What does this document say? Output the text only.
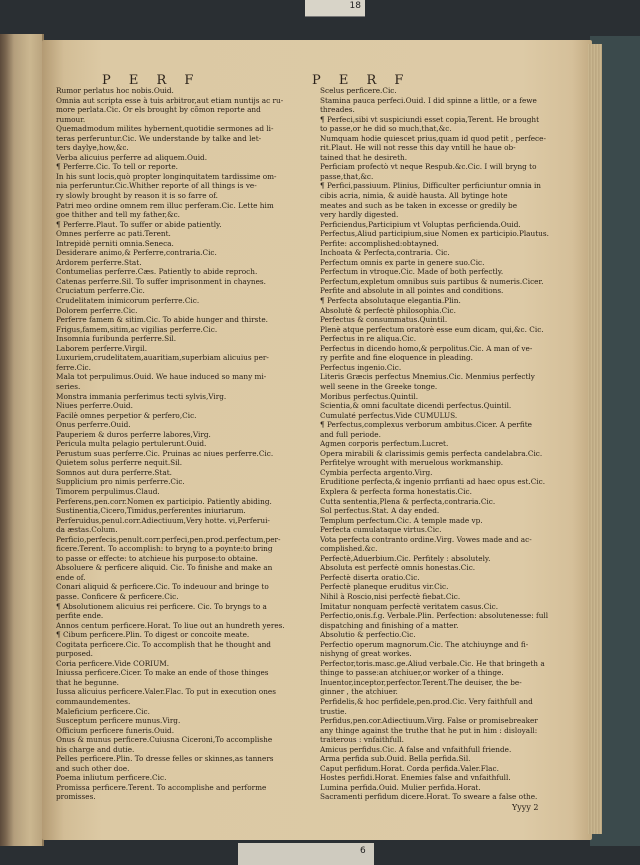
18
P E R F	P E R F
Rumor perlatus hoc nobis.Ouid.
Omnia aut scripta esse à tuis arbitror,aut etiam nuntijs ac ru-
more perlata.Cic. Or els brought by cõmon reporte and
rumour.
Quemadmodum milites hybernent,quotidie sermones ad li-
teras perferuntur.Cic. We understande by talke and let-
ters daylye,how,&c.
Verba alicuius perferre ad aliquem.Ouid.
¶ Perferre.Cic. To tell or reporte.
In his sunt locis,quò propter longinquitatem tardissime om-
nia perferuntur.Cic.Whither reporte of all things is ve-
ry slowly brought by reason it is so farre of.
Patri meo ordine omnem rem illuc perferam.Cic. Lette him
goe thither and tell my father,&c.
¶ Perferre.Plaut. To suffer or abide patiently.
Omnes perferre ac pati.Terent.
Intrepidè perniti omnia.Seneca.
Desiderare animo,& Perferre,contraria.Cic.
Ardorem perferre.Stat.
Contumelias perferre.Cæs. Patiently to abide reproch.
Catenas perferre.Sil. To suffer imprisonment in chaynes.
Cruciatum perferre.Cic.
Crudelitatem inimicorum perferre.Cic.
Dolorem perferre.Cic.
Perferre famem & sitim.Cic. To abide hunger and thirste.
Frigus,famem,sitim,ac vigilias perferre.Cic.
Insomnia furibunda perferre.Sil.
Laborem perferre.Virgil.
Luxuriem,crudelitatem,auaritiam,superbiam alicuius per-
ferre.Cic.
Mala tot perpulimus.Ouid. We haue induced so many mi-
series.
Monstra immania perferimus tecti sylvis,Virg.
Niues perferre.Ouid.
Facilè omnes perpetior & perfero,Cic.
Onus perferre.Ouid.
Pauperiem & duros perferre labores,Virg.
Pericula multa pelagio pertulerunt.Ouid.
Perustum suas perferre.Cic. Pruinas ac niues perferre.Cic.
Quietem solus perferre nequit.Sil.
Somnos aut dura perferre.Stat.
Supplicium pro nimis perferre.Cic.
Timorem perpulimus.Claud.
Perferens,pen.corr.Nomen ex participio. Patiently abiding.
Sustinentia,Cicero,Timidus,perferentes iniuriarum.
Perferuidus,penul.corr.Adiectiuum,Very hotte. vi,Perferui-
da æstas.Colum.
Perficio,perfecis,penult.corr.perfeci,pen.prod.perfectum,per-
ficere.Terent. To accomplish: to bryng to a poynte:to bring
to passe or effecte: to atchieue his purpose:to obtaine.
Absoluere & perficere aliquid. Cic. To finishe and make an
ende of.
Conari aliquid & perficere.Cic. To indeuour and bringe to
passe. Conficere & perficere.Cic.
¶ Absolutionem alicuius rei perficere. Cic. To bryngs to a
perfite ende.
Annos centum perficere.Horat. To liue out an hundreth yeres.
¶ Cibum perficere.Plin. To digest or concoite meate.
Cogitata perficere.Cic. To accomplish that he thought and
purposed.
Coria perficere.Vide CORIUM.
Iniussa perficere.Cicer. To make an ende of those thinges
that he begunne.
Iussa alicuius perficere.Valer.Flac. To put in execution ones
commaundementes.
Maleficium perficere.Cic.
Susceptum perficere munus.Virg.
Officium perficere funeris.Ouid.
Onus & munus perficere.Cuiusna Ciceroni,To accomplishe
his charge and dutie.
Pelles perficere.Plin. To dresse felles or skinnes,as tanners
and such other doe.
Poema inliutum perficere.Cic.
Promissa perficere.Terent. To accomplishe and performe
promisses.
Scelus perficere.Cic.
Stamina pauca perfeci.Ouid. I did spinne a little, or a fewe
threades.
¶ Perfeci,sibi vt suspiciundi esset copia,Terent. He brought
to passe,or he did so much,that,&c.
Numquam hodie quiescet prius,quam id quod petit , perfece-
rit.Plaut. He will not resse this day vntill he haue ob-
tained that he desireth.
Perficiam profectò vt neque Respub.&c.Cic. I will bryng to
passe,that,&c.
¶ Perfici,passiuum. Plinius, Difficulter perficiuntur omnia in
cibis acria, nimia, & auidè hausta. All bytinge hote
meates and such as be taken in excesse or gredily be
very hardly digested.
Perficiendus,Participium vt Voluptas perficienda.Ouid.
Perfectus,Aliud participium,siue Nomen ex participio.Plautus.
Perfite: accomplished:obtayned.
Inchoata & Perfecta,contraria. Cic.
Perfectum omnis ex parte in genere suo.Cic.
Perfectum in vtroque.Cic. Made of both perfectly.
Perfectum,expletum omnibus suis partibus & numeris.Cicer.
Perfite and absolute in all pointes and conditions.
¶ Perfecta absolutaque elegantia.Plin.
Absolutè & perfectè philosophia.Cic.
Perfectus & consummatus.Quintil.
Plenè atque perfectum oratorè esse eum dicam, qui,&c. Cic.
Perfectus in re aliqua.Cic.
Perfectus in dicendo homo,& perpolitus.Cic. A man of ve-
ry perfite and fine eloquence in pleading.
Perfectus ingenio.Cic.
Literis Græcis perfectus Mnemius.Cic. Menmius perfectly
well seene in the Greeke tonge.
Moribus perfectus.Quintil.
Scientia,& omni facultate dicendi perfectus.Quintil.
Cumulaté perfectus.Vide CUMULUS.
¶ Perfectus,complexus verborum ambitus.Cicer. A perfite
and full periode.
Agmen corporis perfectum.Lucret.
Opera mirabili & clarissimis gemis perfecta candelabra.Cic.
Perfitelye wrought with meruelous workmanship.
Cymbia perfecta argento.Virg.
Eruditione perfecta,& ingenio prrfianti ad haec opus est.Cic.
Explera & perfecta forma honestatis.Cic.
Cutta sententia,Plena & perfecta,contraria.Cic.
Sol perfectus.Stat. A day ended.
Templum perfectum.Cic. A temple made vp.
Perfecta cumulataque virtus.Cic.
Vota perfecta contranto ordine.Virg. Vowes made and ac-
complished.&c.
Perfectè,Aduerbium.Cic. Perfitely : absolutely.
Absoluta est perfectè omnis honestas.Cic.
Perfectè diserta oratio.Cic.
Perfectè planeque eruditus vir.Cic.
Nihil à Roscio,nisi perfectè fiebat.Cic.
Imitatur nonquam perfectè veritatem casus.Cic.
Perfectio,onis.f.g. Verbale.Plin. Perfection: absolutenesse: full
dispatching and finishing of a matter.
Absolutio & perfectio.Cic.
Perfectio operum magnorum.Cic. The atchiuynge and fi-
nishyng of great workes.
Perfector,toris.masc.ge.Aliud verbale.Cic. He that bringeth a
thinge to passe:an atchiuer,or worker of a thinge.
Inuentor,inceptor,perfector.Terent.The deuiser, the be-
ginner , the atchiuer.
Perfidelis,& hoc perfidele,pen.prod.Cic. Very faithfull and
trustie.
Perfidus,pen.cor.Adiectiuum.Virg. False or promisebreaker
any thinge against the truthe that he put in him : disloyall:
traiterous : vnfaithfull.
Amicus perfidus.Cic. A false and vnfaithfull friende.
Arma perfida sub.Ouid. Bella perfida.Sil.
Caput perfidum.Horat. Corda perfida.Valer.Flac.
Hostes perfidi.Horat. Enemies false and vnfaithfull.
Lumina perfida.Ouid. Mulier perfida.Horat.
Sacramenti perfidum dicere.Horat. To sweare a false othe.
Yyyy 2
6
